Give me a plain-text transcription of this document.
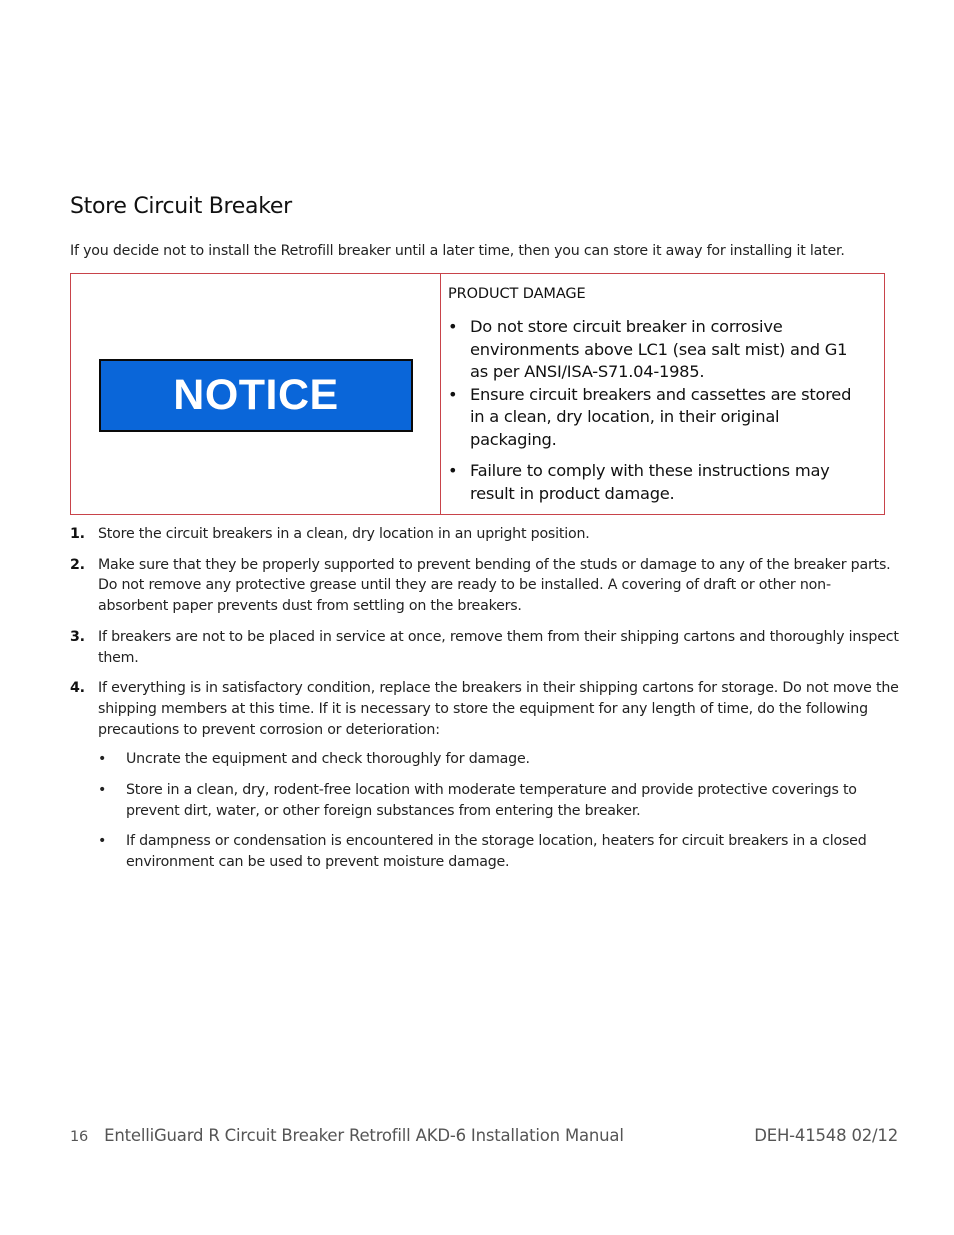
Store Circuit Breaker

If you decide not to install the Retrofill breaker until a later time, then you can store it away for installing it later.

NOTICE

PRODUCT DAMAGE

• Do not store circuit breaker in corrosive environments above LC1 (sea salt mist) and G1 as per ANSI/ISA-S71.04-1985.
• Ensure circuit breakers and cassettes are stored in a clean, dry location, in their original packaging.
• Failure to comply with these instructions may result in product damage.
1. Store the circuit breakers in a clean, dry location in an upright position.
2. Make sure that they be properly supported to prevent bending of the studs or damage to any of the breaker parts. Do not remove any protective grease until they are ready to be installed. A covering of draft or other non-absorbent paper prevents dust from settling on the breakers.
3. If breakers are not to be placed in service at once, remove them from their shipping cartons and thoroughly inspect them.
4. If everything is in satisfactory condition, replace the breakers in their shipping cartons for storage. Do not move the shipping members at this time. If it is necessary to store the equipment for any length of time, do the following precautions to prevent corrosion or deterioration:
• Uncrate the equipment and check thoroughly for damage.
• Store in a clean, dry, rodent-free location with moderate temperature and provide protective coverings to prevent dirt, water, or other foreign substances from entering the breaker.
• If dampness or condensation is encountered in the storage location, heaters for circuit breakers in a closed environment can be used to prevent moisture damage.
16 EntelliGuard R Circuit Breaker Retrofill AKD-6 Installation Manual	DEH-41548 02/12
